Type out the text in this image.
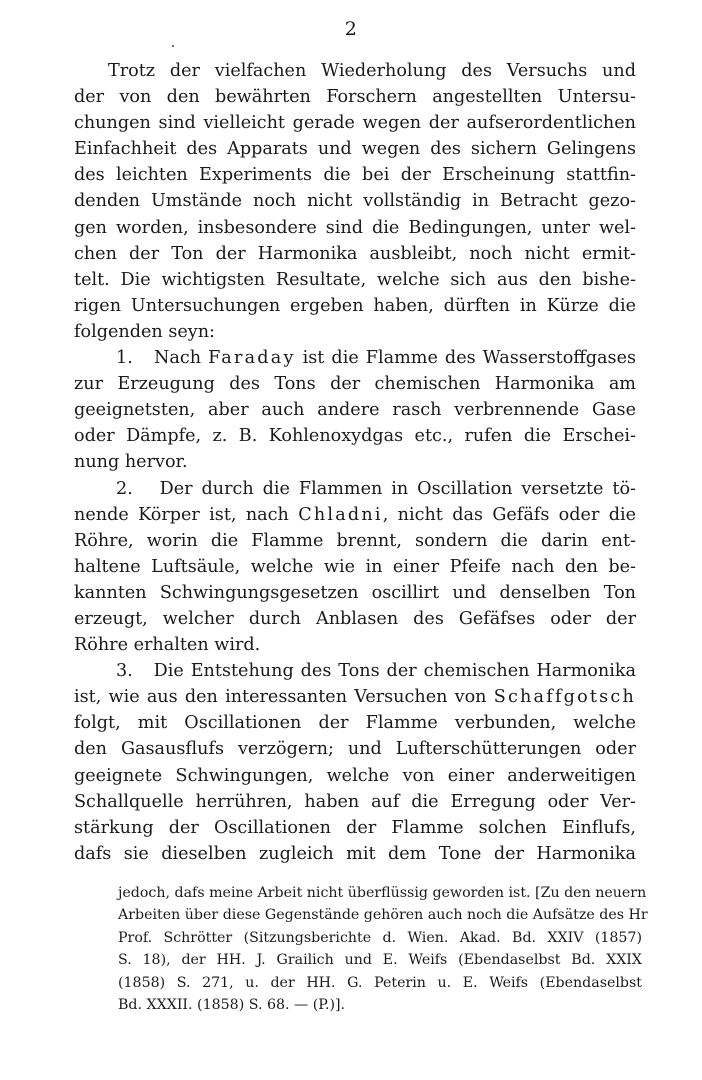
2
Trotz der vielfachen Wiederholung des Versuchs und
der von den bewährten Forschern angestellten Untersu-
chungen sind vielleicht gerade wegen der aufserordentlichen
Einfachheit des Apparats und wegen des sichern Gelingens
des leichten Experiments die bei der Erscheinung stattfin-
denden Umstände noch nicht vollständig in Betracht gezo-
gen worden, insbesondere sind die Bedingungen, unter wel-
chen der Ton der Harmonika ausbleibt, noch nicht ermit-
telt. Die wichtigsten Resultate, welche sich aus den bishe-
rigen Untersuchungen ergeben haben, dürften in Kürze die
folgenden seyn:
1. Nach Faraday ist die Flamme des Wasserstoffgases
zur Erzeugung des Tons der chemischen Harmonika am
geeignetsten, aber auch andere rasch verbrennende Gase
oder Dämpfe, z. B. Kohlenoxydgas etc., rufen die Erschei-
nung hervor.
2. Der durch die Flammen in Oscillation versetzte tö-
nende Körper ist, nach Chladni, nicht das Gefäfs oder die
Röhre, worin die Flamme brennt, sondern die darin ent-
haltene Luftsäule, welche wie in einer Pfeife nach den be-
kannten Schwingungsgesetzen oscillirt und denselben Ton
erzeugt, welcher durch Anblasen des Gefäfses oder der
Röhre erhalten wird.
3. Die Entstehung des Tons der chemischen Harmonika
ist, wie aus den interessanten Versuchen von Schaffgotsch
folgt, mit Oscillationen der Flamme verbunden, welche
den Gasausflufs verzögern; und Lufterschütterungen oder
geeignete Schwingungen, welche von einer anderweitigen
Schallquelle herrühren, haben auf die Erregung oder Ver-
stärkung der Oscillationen der Flamme solchen Einflufs,
dafs sie dieselben zugleich mit dem Tone der Harmonika
jedoch, dafs meine Arbeit nicht überflüssig geworden ist. [Zu den neuern
Arbeiten über diese Gegenstände gehören auch noch die Aufsätze des Hr
Prof. Schrötter (Sitzungsberichte d. Wien. Akad. Bd. XXIV (1857)
S. 18), der HH. J. Grailich und E. Weifs (Ebendaselbst Bd. XXIX
(1858) S. 271, u. der HH. G. Peterin u. E. Weifs (Ebendaselbst
Bd. XXXII. (1858) S. 68. — (P.)].
